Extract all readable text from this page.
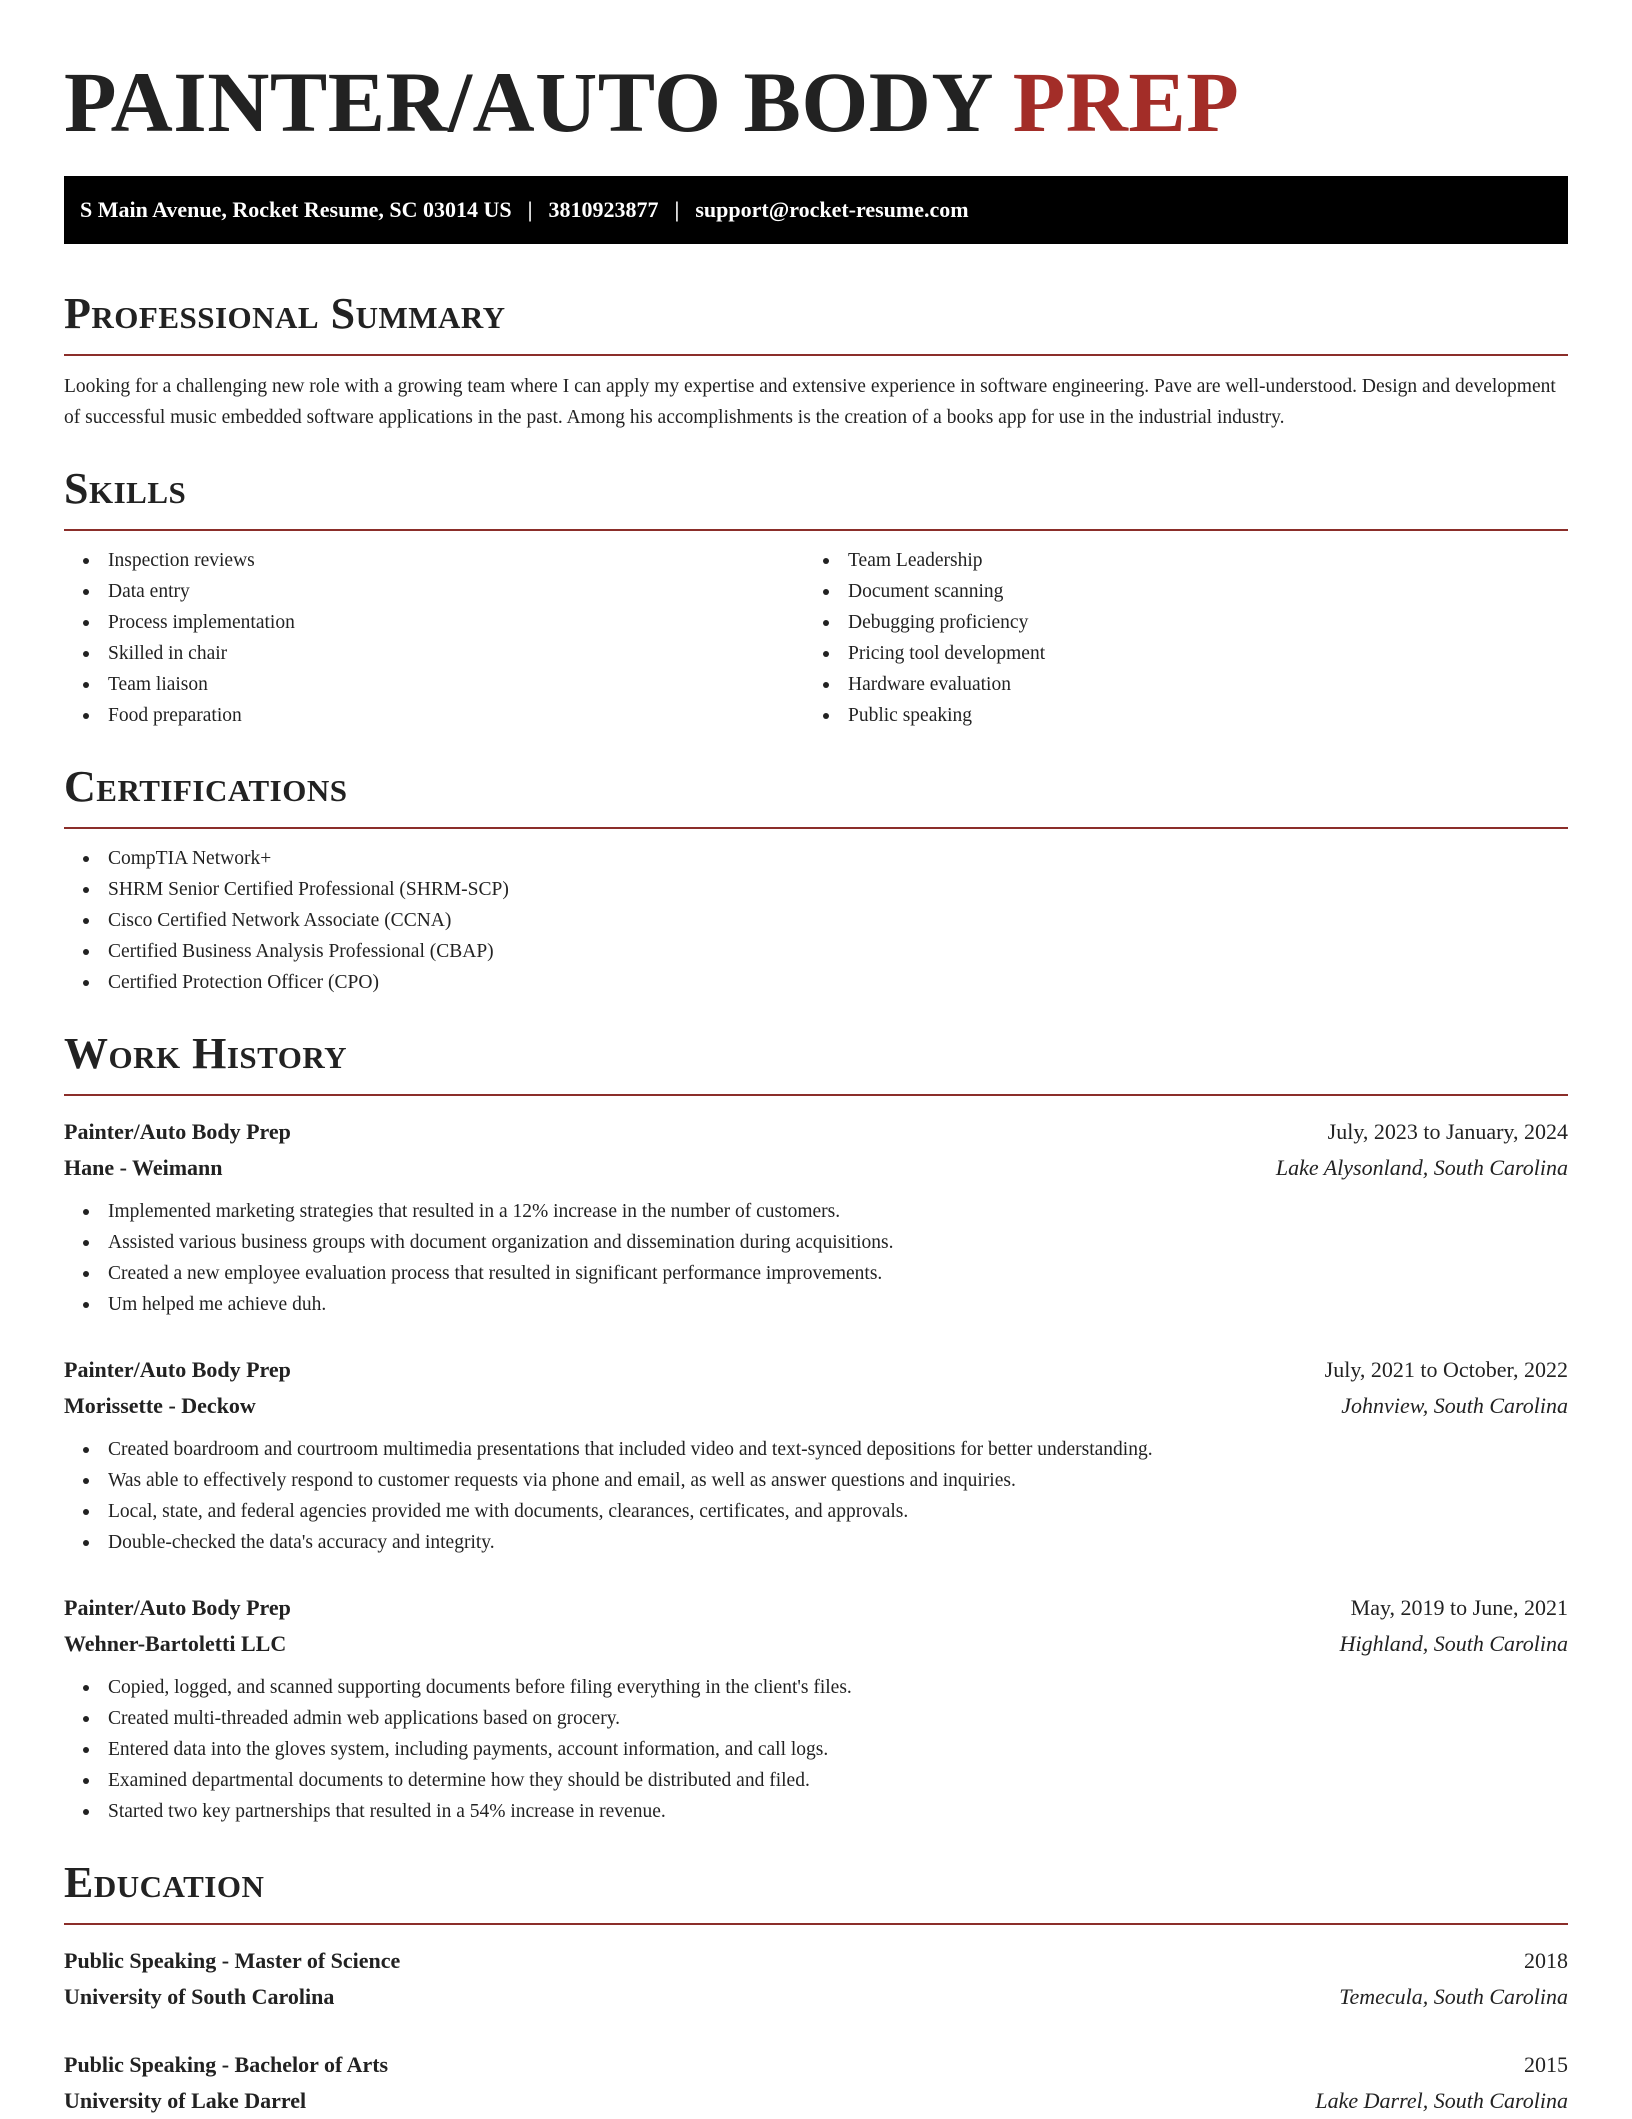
PAINTER/AUTO BODY PREP
S Main Avenue, Rocket Resume, SC 03014 US | 3810923877 | support@rocket-resume.com
Professional Summary

Looking for a challenging new role with a growing team where I can apply my expertise and extensive experience in software engineering. Pave are well-understood. Design and development of successful music embedded software applications in the past. Among his accomplishments is the creation of a books app for use in the industrial industry.

Skills
Inspection reviews
Data entry
Process implementation
Skilled in chair
Team liaison
Food preparation
Team Leadership
Document scanning
Debugging proficiency
Pricing tool development
Hardware evaluation
Public speaking
Certifications
CompTIA Network+
SHRM Senior Certified Professional (SHRM-SCP)
Cisco Certified Network Associate (CCNA)
Certified Business Analysis Professional (CBAP)
Certified Protection Officer (CPO)
Work History
Painter/Auto Body Prep	July, 2023 to January, 2024
Hane - Weimann	Lake Alysonland, South Carolina
Implemented marketing strategies that resulted in a 12% increase in the number of customers.
Assisted various business groups with document organization and dissemination during acquisitions.
Created a new employee evaluation process that resulted in significant performance improvements.
Um helped me achieve duh.
Painter/Auto Body Prep	July, 2021 to October, 2022
Morissette - Deckow	Johnview, South Carolina
Created boardroom and courtroom multimedia presentations that included video and text-synced depositions for better understanding.
Was able to effectively respond to customer requests via phone and email, as well as answer questions and inquiries.
Local, state, and federal agencies provided me with documents, clearances, certificates, and approvals.
Double-checked the data's accuracy and integrity.
Painter/Auto Body Prep	May, 2019 to June, 2021
Wehner-Bartoletti LLC	Highland, South Carolina
Copied, logged, and scanned supporting documents before filing everything in the client's files.
Created multi-threaded admin web applications based on grocery.
Entered data into the gloves system, including payments, account information, and call logs.
Examined departmental documents to determine how they should be distributed and filed.
Started two key partnerships that resulted in a 54% increase in revenue.
Education
Public Speaking - Master of Science	2018
University of South Carolina	Temecula, South Carolina
Public Speaking - Bachelor of Arts	2015
University of Lake Darrel	Lake Darrel, South Carolina
